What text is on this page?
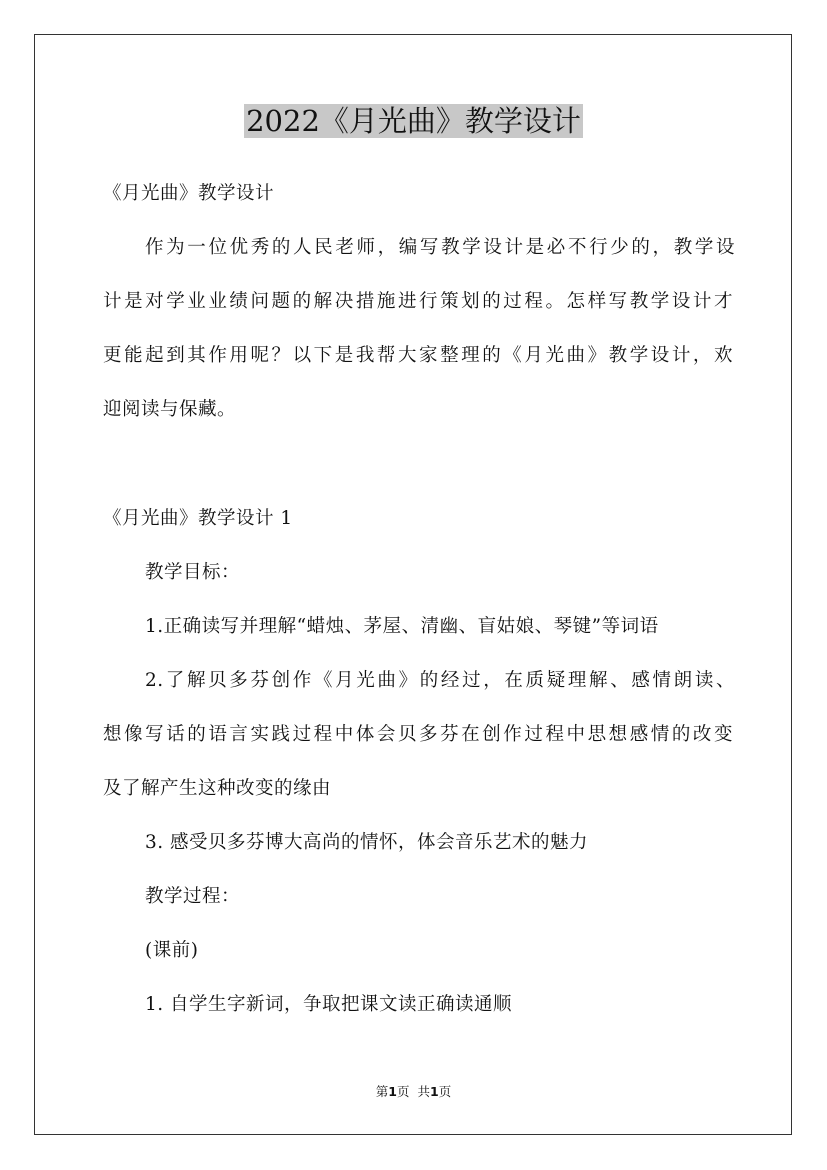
2022《月光曲》教学设计
《月光曲》教学设计
作为一位优秀的人民老师，编写教学设计是必不行少的，教学设
计是对学业业绩问题的解决措施进行策划的过程。怎样写教学设计才
更能起到其作用呢？以下是我帮大家整理的《月光曲》教学设计，欢
迎阅读与保藏。
《月光曲》教学设计 1
教学目标：
1.正确读写并理解“蜡烛、茅屋、清幽、盲姑娘、琴键”等词语
2.了解贝多芬创作《月光曲》的经过，在质疑理解、感情朗读、
想像写话的语言实践过程中体会贝多芬在创作过程中思想感情的改变
及了解产生这种改变的缘由
3. 感受贝多芬博大高尚的情怀，体会音乐艺术的魅力
教学过程：
(课前)
1. 自学生字新词，争取把课文读正确读通顺
第1页 共1页
